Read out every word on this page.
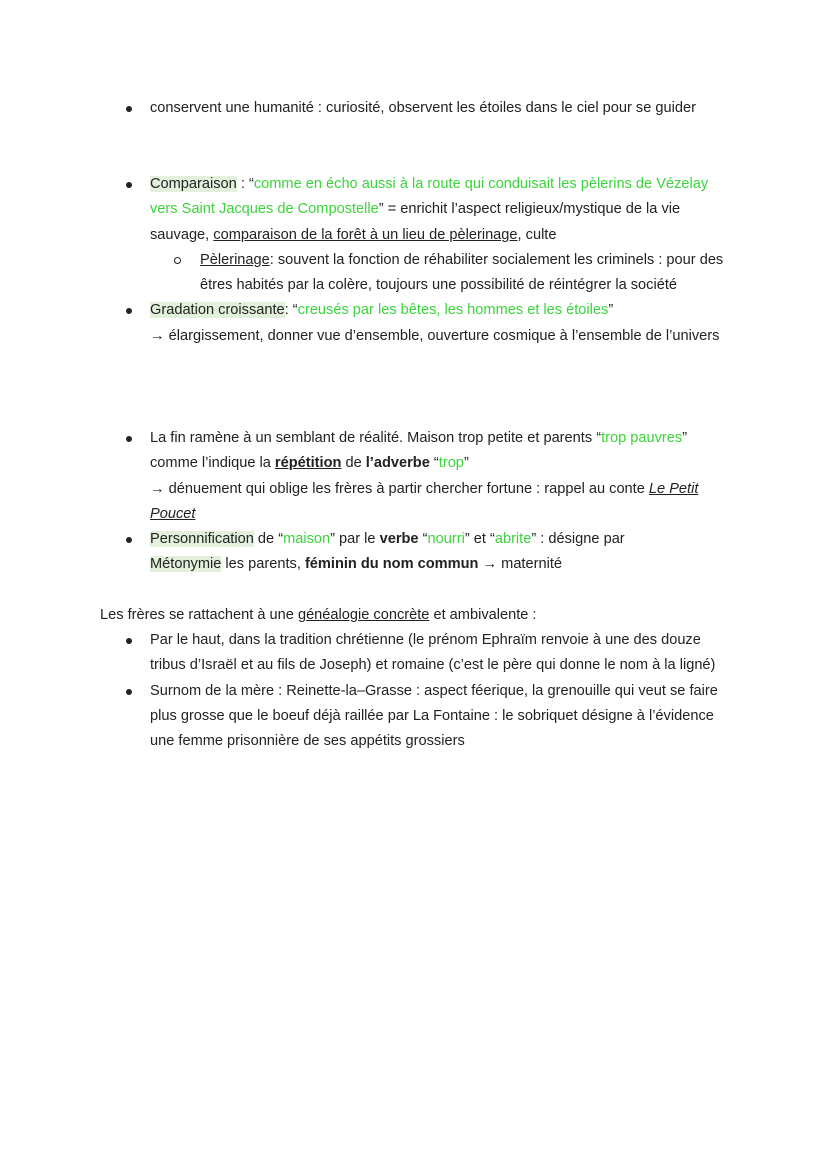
conservent une humanité : curiosité, observent les étoiles dans le ciel pour se guider
Comparaison : “comme en écho aussi à la route qui conduisait les pèlerins de Vézelay vers Saint Jacques de Compostelle” = enrichit l’aspect religieux/mystique de la vie sauvage, comparaison de la forêt à un lieu de pèlerinage, culte
Pèlerinage: souvent la fonction de réhabiliter socialement les criminels : pour des êtres habités par la colère, toujours une possibilité de réintégrer la société
Gradation croissante: “creusés par les bêtes, les hommes et les étoiles”
→ élargissement, donner vue d’ensemble, ouverture cosmique à l’ensemble de l’univers
La fin ramène à un semblant de réalité. Maison trop petite et parents “trop pauvres” comme l’indique la répétition de l’adverbe “trop”
→ dénuement qui oblige les frères à partir chercher fortune : rappel au conte Le Petit Poucet
Personnification de “maison” par le verbe “nourri” et “abrite” : désigne par
Métonymie les parents, féminin du nom commun → maternité
Les frères se rattachent à une généalogie concrète et ambivalente :
Par le haut, dans la tradition chrétienne (le prénom Ephraïm renvoie à une des douze tribus d’Israël et au fils de Joseph) et romaine (c’est le père qui donne le nom à la ligné)
Surnom de la mère : Reinette-la–Grasse : aspect féerique, la grenouille qui veut se faire plus grosse que le boeuf déjà raillée par La Fontaine : le sobriquet désigne à l’évidence une femme prisonnière de ses appétits grossiers
